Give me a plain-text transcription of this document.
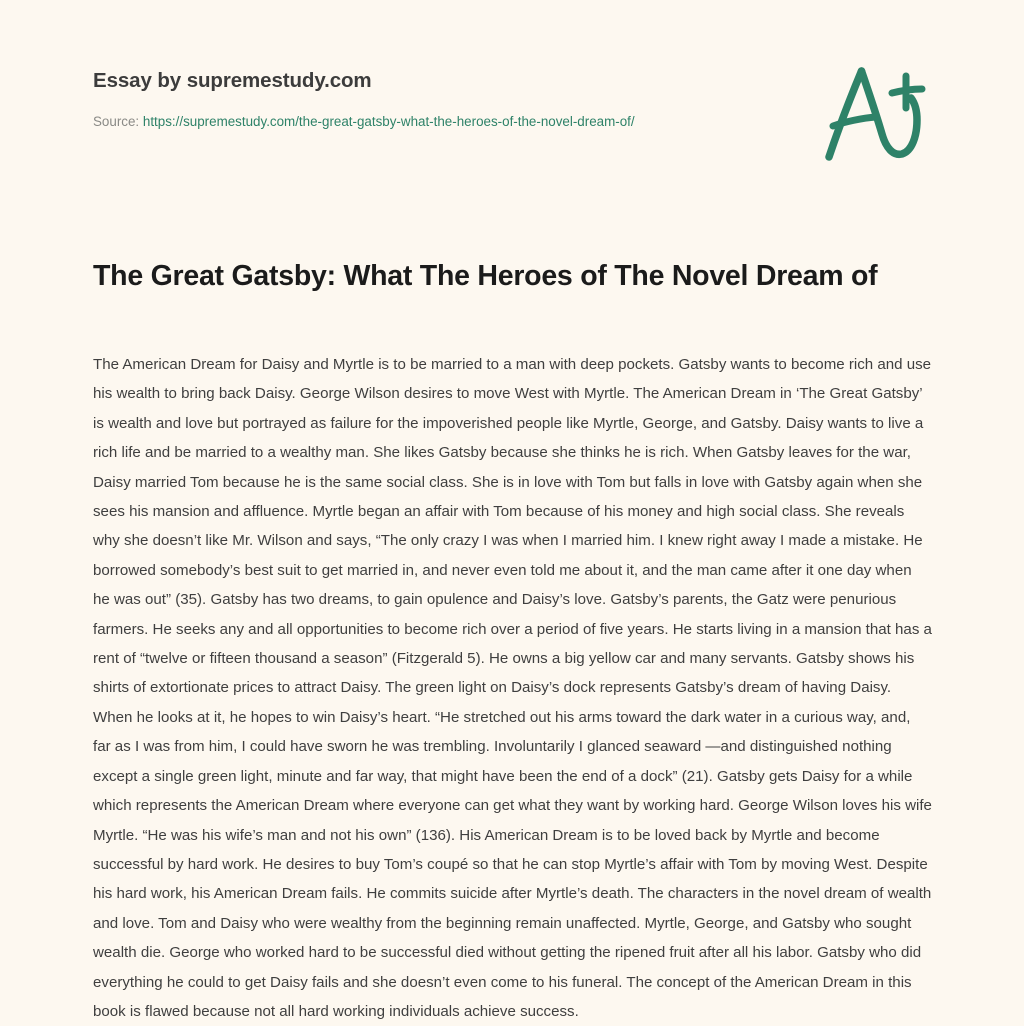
Essay by supremestudy.com
Source: https://supremestudy.com/the-great-gatsby-what-the-heroes-of-the-novel-dream-of/
The Great Gatsby: What The Heroes of The Novel Dream of

The American Dream for Daisy and Myrtle is to be married to a man with deep pockets. Gatsby wants to become rich and use his wealth to bring back Daisy. George Wilson desires to move West with Myrtle. The American Dream in ‘The Great Gatsby’ is wealth and love but portrayed as failure for the impoverished people like Myrtle, George, and Gatsby. Daisy wants to live a rich life and be married to a wealthy man. She likes Gatsby because she thinks he is rich. When Gatsby leaves for the war, Daisy married Tom because he is the same social class. She is in love with Tom but falls in love with Gatsby again when she sees his mansion and affluence. Myrtle began an affair with Tom because of his money and high social class. She reveals why she doesn’t like Mr. Wilson and says, “The only crazy I was when I married him. I knew right away I made a mistake. He borrowed somebody’s best suit to get married in, and never even told me about it, and the man came after it one day when he was out” (35). Gatsby has two dreams, to gain opulence and Daisy’s love. Gatsby’s parents, the Gatz were penurious farmers. He seeks any and all opportunities to become rich over a period of five years. He starts living in a mansion that has a rent of “twelve or fifteen thousand a season” (Fitzgerald 5). He owns a big yellow car and many servants. Gatsby shows his shirts of extortionate prices to attract Daisy. The green light on Daisy’s dock represents Gatsby’s dream of having Daisy. When he looks at it, he hopes to win Daisy’s heart. “He stretched out his arms toward the dark water in a curious way, and, far as I was from him, I could have sworn he was trembling. Involuntarily I glanced seaward —and distinguished nothing except a single green light, minute and far way, that might have been the end of a dock” (21). Gatsby gets Daisy for a while which represents the American Dream where everyone can get what they want by working hard. George Wilson loves his wife Myrtle. “He was his wife’s man and not his own” (136). His American Dream is to be loved back by Myrtle and become successful by hard work. He desires to buy Tom’s coupé so that he can stop Myrtle’s affair with Tom by moving West. Despite his hard work, his American Dream fails. He commits suicide after Myrtle’s death. The characters in the novel dream of wealth and love. Tom and Daisy who were wealthy from the beginning remain unaffected. Myrtle, George, and Gatsby who sought wealth die. George who worked hard to be successful died without getting the ripened fruit after all his labor. Gatsby who did everything he could to get Daisy fails and she doesn’t even come to his funeral. The concept of the American Dream in this book is flawed because not all hard working individuals achieve success.
